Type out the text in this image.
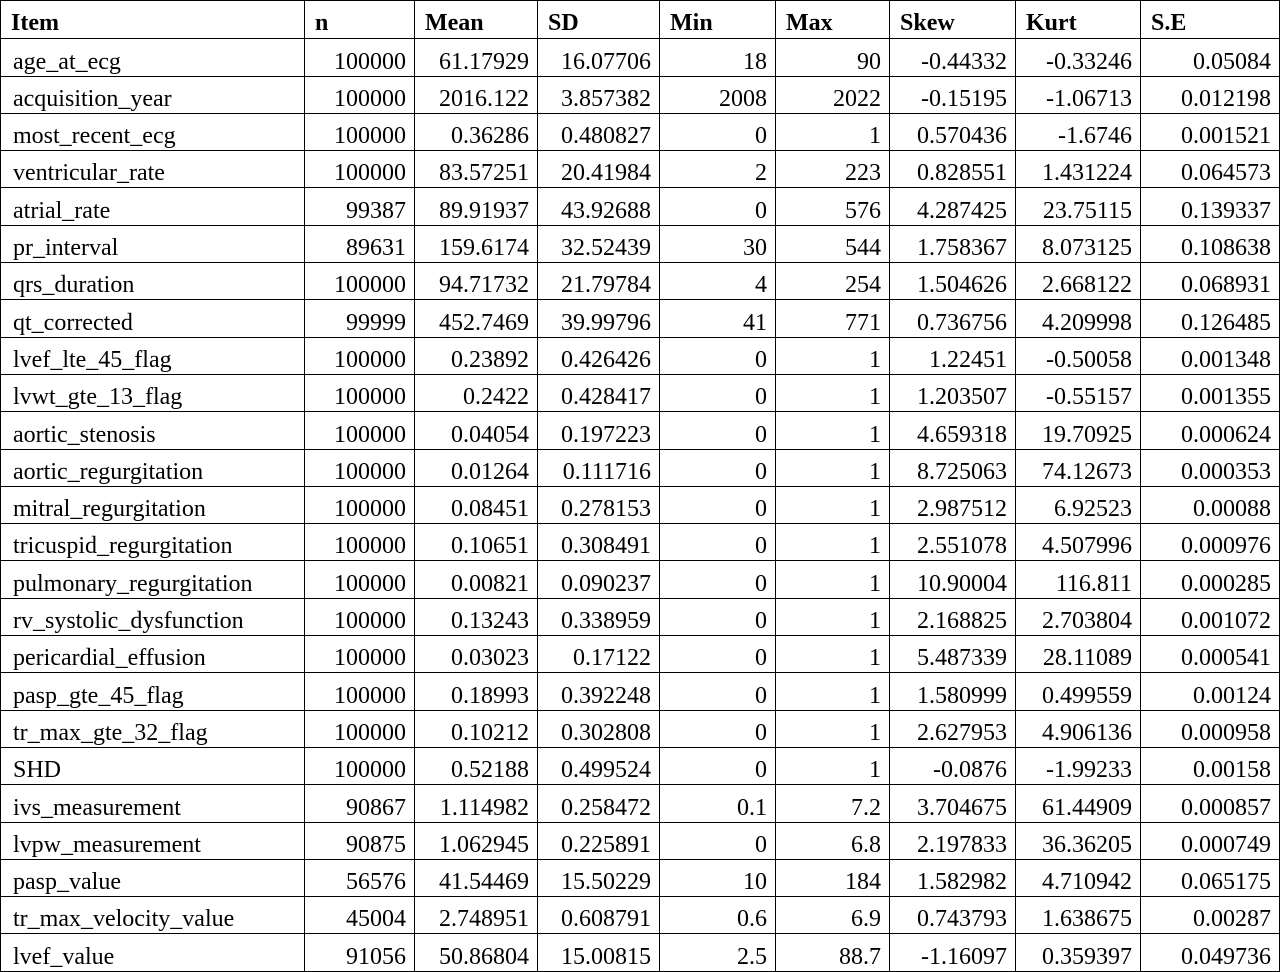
Item	n	Mean	SD	Min	Max	Skew	Kurt	S.E
age_at_ecg	100000	61.17929	16.07706	18	90	-0.44332	-0.33246	0.05084
acquisition_year	100000	2016.122	3.857382	2008	2022	-0.15195	-1.06713	0.012198
most_recent_ecg	100000	0.36286	0.480827	0	1	0.570436	-1.6746	0.001521
ventricular_rate	100000	83.57251	20.41984	2	223	0.828551	1.431224	0.064573
atrial_rate	99387	89.91937	43.92688	0	576	4.287425	23.75115	0.139337
pr_interval	89631	159.6174	32.52439	30	544	1.758367	8.073125	0.108638
qrs_duration	100000	94.71732	21.79784	4	254	1.504626	2.668122	0.068931
qt_corrected	99999	452.7469	39.99796	41	771	0.736756	4.209998	0.126485
lvef_lte_45_flag	100000	0.23892	0.426426	0	1	1.22451	-0.50058	0.001348
lvwt_gte_13_flag	100000	0.2422	0.428417	0	1	1.203507	-0.55157	0.001355
aortic_stenosis	100000	0.04054	0.197223	0	1	4.659318	19.70925	0.000624
aortic_regurgitation	100000	0.01264	0.111716	0	1	8.725063	74.12673	0.000353
mitral_regurgitation	100000	0.08451	0.278153	0	1	2.987512	6.92523	0.00088
tricuspid_regurgitation	100000	0.10651	0.308491	0	1	2.551078	4.507996	0.000976
pulmonary_regurgitation	100000	0.00821	0.090237	0	1	10.90004	116.811	0.000285
rv_systolic_dysfunction	100000	0.13243	0.338959	0	1	2.168825	2.703804	0.001072
pericardial_effusion	100000	0.03023	0.17122	0	1	5.487339	28.11089	0.000541
pasp_gte_45_flag	100000	0.18993	0.392248	0	1	1.580999	0.499559	0.00124
tr_max_gte_32_flag	100000	0.10212	0.302808	0	1	2.627953	4.906136	0.000958
SHD	100000	0.52188	0.499524	0	1	-0.0876	-1.99233	0.00158
ivs_measurement	90867	1.114982	0.258472	0.1	7.2	3.704675	61.44909	0.000857
lvpw_measurement	90875	1.062945	0.225891	0	6.8	2.197833	36.36205	0.000749
pasp_value	56576	41.54469	15.50229	10	184	1.582982	4.710942	0.065175
tr_max_velocity_value	45004	2.748951	0.608791	0.6	6.9	0.743793	1.638675	0.00287
lvef_value	91056	50.86804	15.00815	2.5	88.7	-1.16097	0.359397	0.049736
